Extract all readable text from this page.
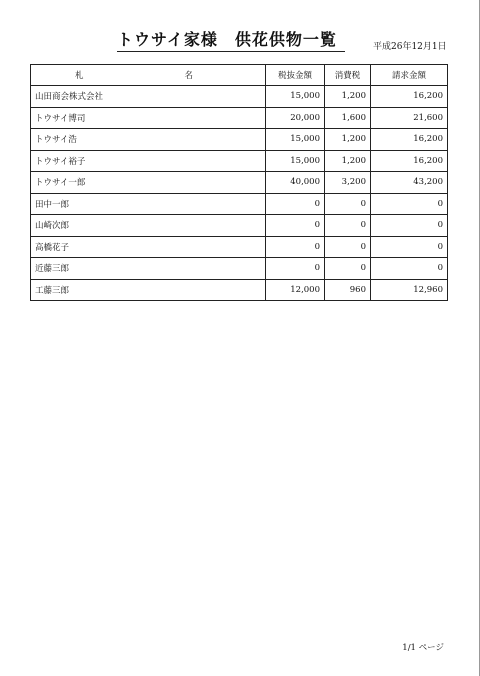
トウサイ家様　供花供物一覧	平成26年12月1日
札　　名	税抜金額	消費税	請求金額
山田商会株式会社	15,000	1,200	16,200
トウサイ博司	20,000	1,600	21,600
トウサイ浩	15,000	1,200	16,200
トウサイ裕子	15,000	1,200	16,200
トウサイ一郎	40,000	3,200	43,200
田中一郎	0	0	0
山崎次郎	0	0	0
高橋花子	0	0	0
近藤三郎	0	0	0
工藤三郎	12,000	960	12,960
1/1 ページ
